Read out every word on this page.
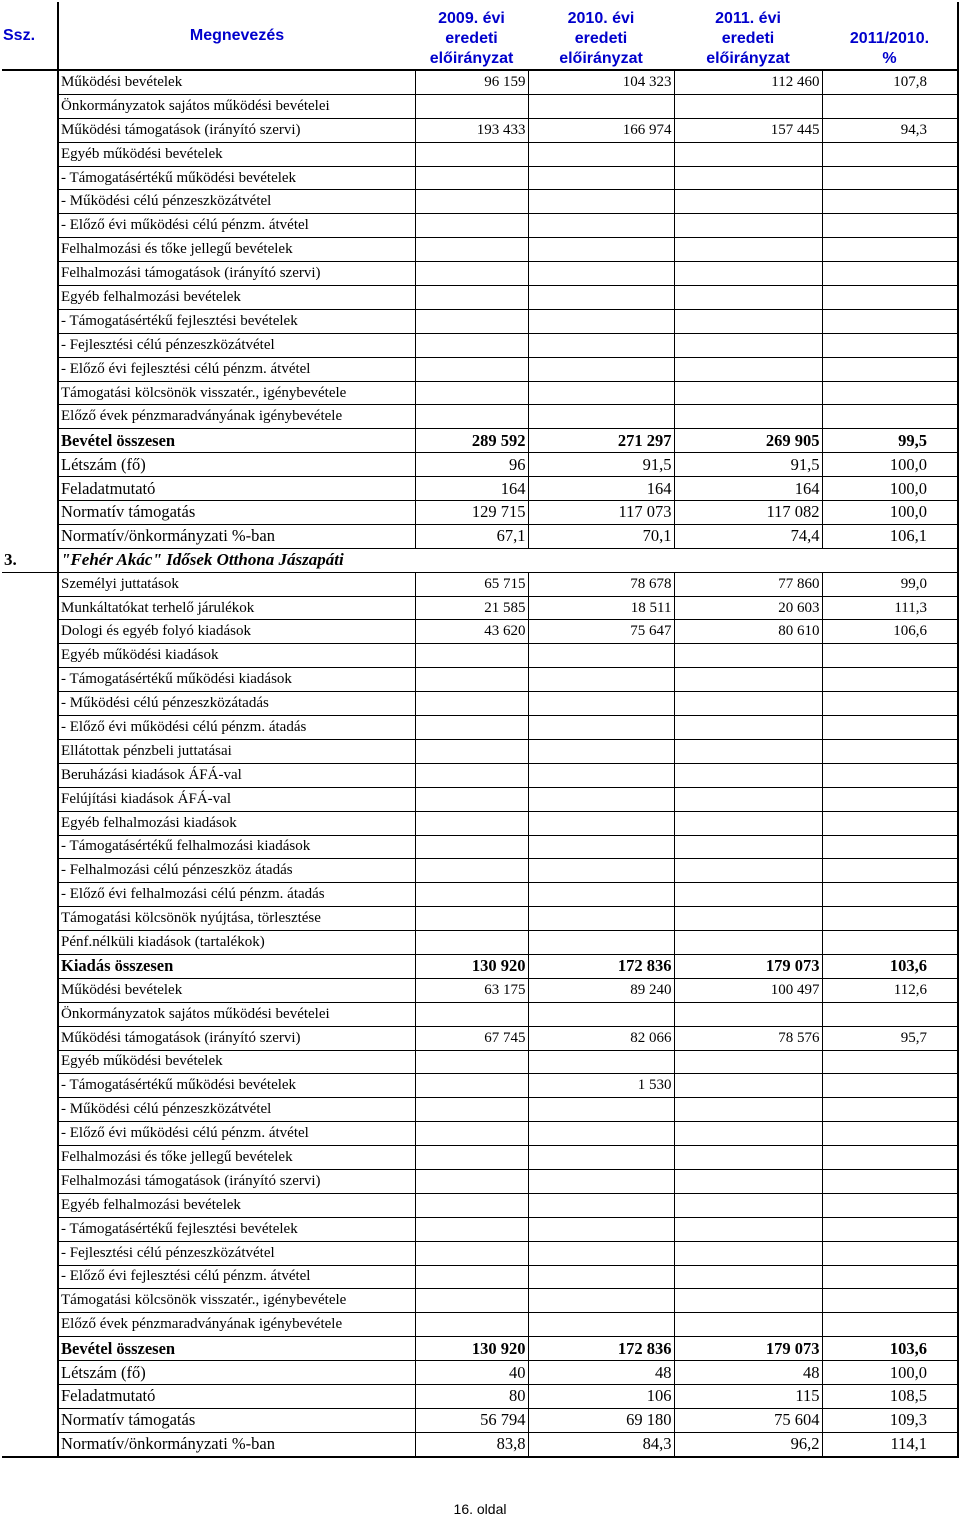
Ssz.	Megnevezés	2009. évi
eredeti
előirányzat	2010. évi
eredeti
előirányzat	2011. évi
eredeti
előirányzat	2011/2010.
%

	Működési bevételek	96 159	104 323	112 460	107,8
	Önkormányzatok sajátos működési bevételei				
	Működési támogatások (irányító szervi)	193 433	166 974	157 445	94,3
	Egyéb működési bevételek				
	- Támogatásértékű működési bevételek				
	- Működési célú pénzeszközátvétel				
	- Előző évi működési célú pénzm. átvétel				
	Felhalmozási és tőke jellegű bevételek				
	Felhalmozási támogatások (irányító szervi)				
	Egyéb felhalmozási bevételek				
	- Támogatásértékű fejlesztési bevételek				
	- Fejlesztési célú pénzeszközátvétel				
	- Előző évi fejlesztési célú pénzm. átvétel				
	Támogatási kölcsönök visszatér., igénybevétele				
	Előző évek pénzmaradványának igénybevétele				
	Bevétel összesen	289 592	271 297	269 905	99,5
	Létszám (fő)	96	91,5	91,5	100,0
	Feladatmutató	164	164	164	100,0
	Normatív támogatás	129 715	117 073	117 082	100,0
	Normatív/önkormányzati %-ban	67,1	70,1	74,4	106,1
3.	"Fehér Akác" Idősek Otthona Jászapáti				
	Személyi juttatások	65 715	78 678	77 860	99,0
	Munkáltatókat terhelő járulékok	21 585	18 511	20 603	111,3
	Dologi és egyéb folyó kiadások	43 620	75 647	80 610	106,6
	Egyéb működési kiadások				
	- Támogatásértékű működési kiadások				
	- Működési célú pénzeszközátadás				
	- Előző évi működési célú pénzm. átadás				
	Ellátottak pénzbeli juttatásai				
	Beruházási kiadások ÁFÁ-val				
	Felújítási kiadások ÁFÁ-val				
	Egyéb felhalmozási kiadások				
	- Támogatásértékű felhalmozási kiadások				
	- Felhalmozási célú pénzeszköz átadás				
	- Előző évi felhalmozási célú pénzm. átadás				
	Támogatási kölcsönök nyújtása, törlesztése				
	Pénf.nélküli kiadások (tartalékok)				
	Kiadás összesen	130 920	172 836	179 073	103,6
	Működési bevételek	63 175	89 240	100 497	112,6
	Önkormányzatok sajátos működési bevételei				
	Működési támogatások (irányító szervi)	67 745	82 066	78 576	95,7
	Egyéb működési bevételek				
	- Támogatásértékű működési bevételek		1 530		
	- Működési célú pénzeszközátvétel				
	- Előző évi működési célú pénzm. átvétel				
	Felhalmozási és tőke jellegű bevételek				
	Felhalmozási támogatások (irányító szervi)				
	Egyéb felhalmozási bevételek				
	- Támogatásértékű fejlesztési bevételek				
	- Fejlesztési célú pénzeszközátvétel				
	- Előző évi fejlesztési célú pénzm. átvétel				
	Támogatási kölcsönök visszatér., igénybevétele				
	Előző évek pénzmaradványának igénybevétele				
	Bevétel összesen	130 920	172 836	179 073	103,6
	Létszám (fő)	40	48	48	100,0
	Feladatmutató	80	106	115	108,5
	Normatív támogatás	56 794	69 180	75 604	109,3
	Normatív/önkormányzati %-ban	83,8	84,3	96,2	114,1
16. oldal
